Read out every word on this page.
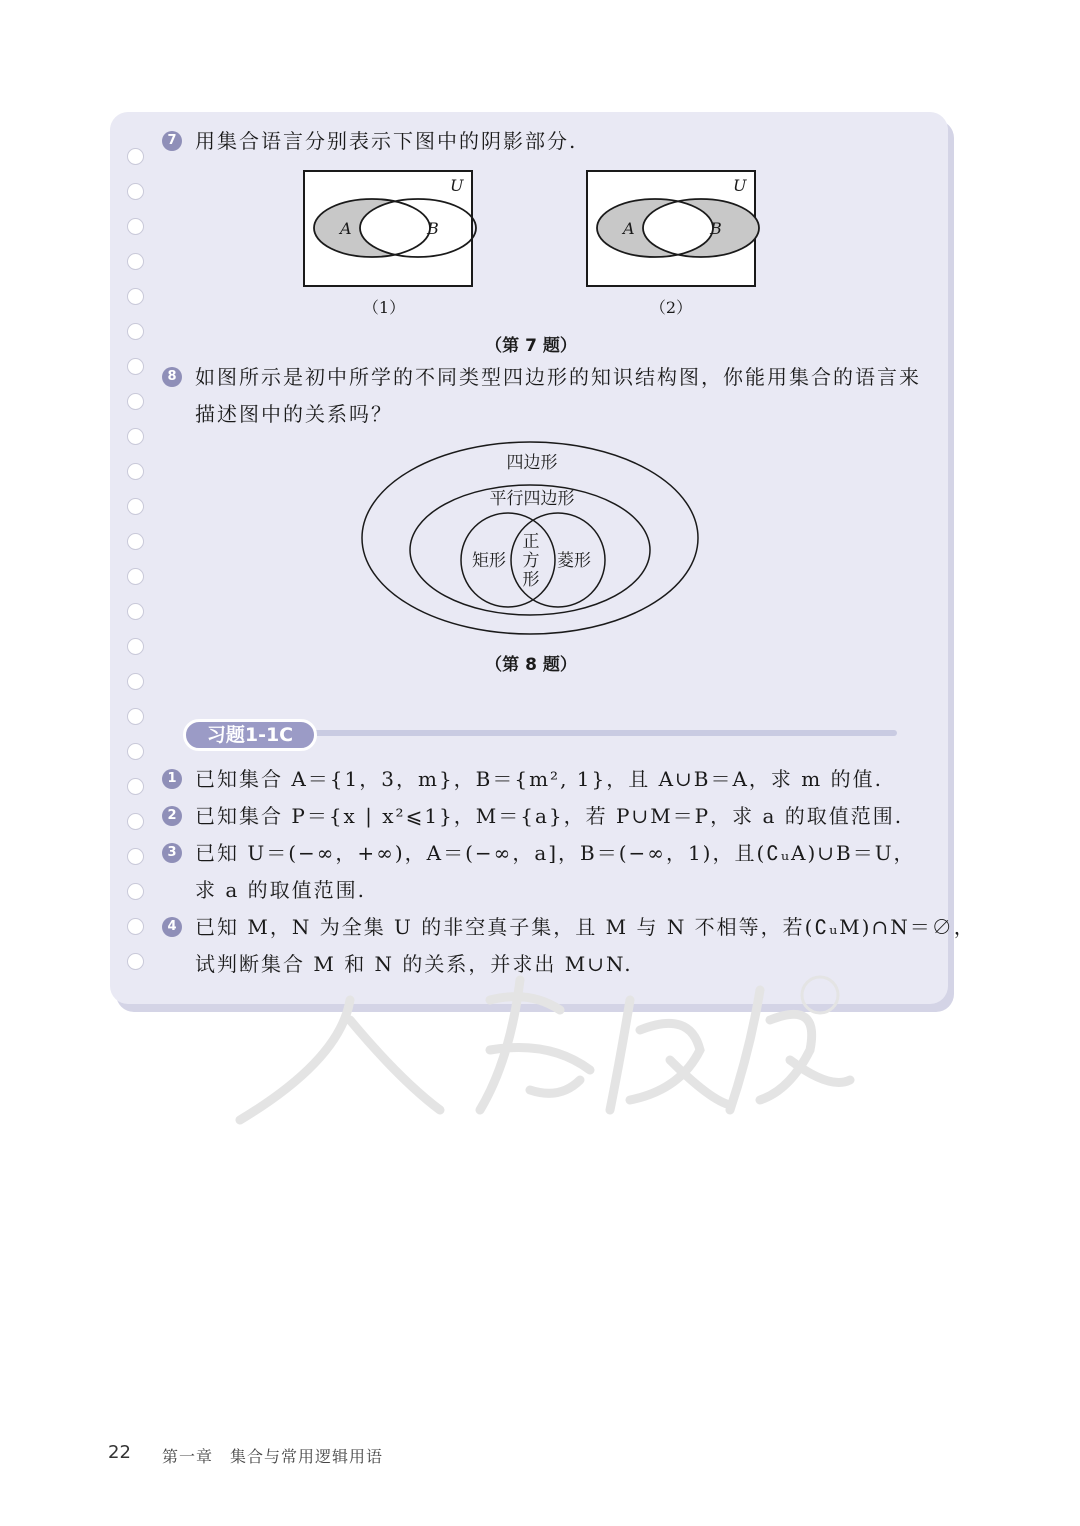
7 用集合语言分别表示下图中的阴影部分.
U
A	B
U
A	B
（1）	（2）
（第 7 题）
8 如图所示是初中所学的不同类型四边形的知识结构图，你能用集合的语言来
描述图中的关系吗？
四边形
平行四边形
矩形	菱形
正
方
形
（第 8 题）
习题1-1C
1 已知集合 A＝{1，3，m}，B＝{m², 1}，且 A∪B＝A，求 m 的值.
2 已知集合 P＝{x | x²⩽1}，M＝{a}，若 P∪M＝P，求 a 的取值范围.
3 已知 U＝(−∞，+∞)，A＝(−∞，a]，B＝(−∞，1)，且(∁ᵤA)∪B＝U，
求 a 的取值范围.
4 已知 M，N 为全集 U 的非空真子集，且 M 与 N 不相等，若(∁ᵤM)∩N＝∅，
试判断集合 M 和 N 的关系，并求出 M∪N.
22 第一章　集合与常用逻辑用语
